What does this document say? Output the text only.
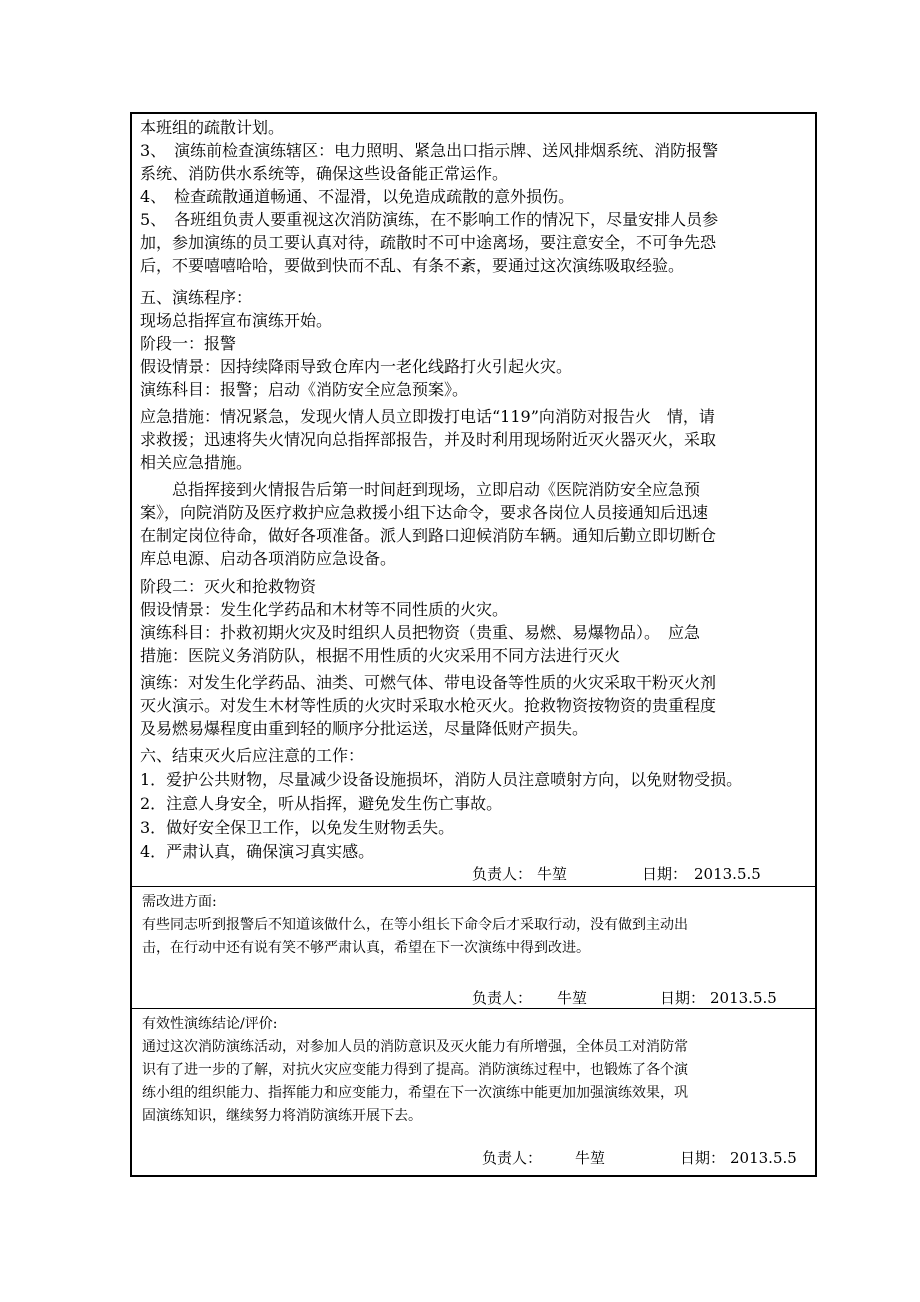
本班组的疏散计划。
3、　演练前检查演练辖区：电力照明、紧急出口指示牌、送风排烟系统、消防报警
系统、消防供水系统等，确保这些设备能正常运作。
4、　检查疏散通道畅通、不湿滑，以免造成疏散的意外损伤。
5、　各班组负责人要重视这次消防演练，在不影响工作的情况下，尽量安排人员参
加，参加演练的员工要认真对待，疏散时不可中途离场，要注意安全，不可争先恐
后，不要嘻嘻哈哈，要做到快而不乱、有条不紊，要通过这次演练吸取经验。
五、演练程序：
现场总指挥宣布演练开始。
阶段一：报警
假设情景：因持续降雨导致仓库内一老化线路打火引起火灾。
演练科目：报警；启动《消防安全应急预案》。
应急措施：情况紧急，发现火情人员立即拨打电话“119”向消防对报告火　情，请
求救援；迅速将失火情况向总指挥部报告，并及时利用现场附近灭火器灭火，采取
相关应急措施。
　　总指挥接到火情报告后第一时间赶到现场，立即启动《医院消防安全应急预
案》，向院消防及医疗救护应急救援小组下达命令，要求各岗位人员接通知后迅速
在制定岗位待命，做好各项准备。派人到路口迎候消防车辆。通知后勤立即切断仓
库总电源、启动各项消防应急设备。
阶段二：灭火和抢救物资
假设情景：发生化学药品和木材等不同性质的火灾。
演练科目：扑救初期火灾及时组织人员把物资（贵重、易燃、易爆物品）。　应急
措施：医院义务消防队，根据不用性质的火灾采用不同方法进行灭火
演练：对发生化学药品、油类、可燃气体、带电设备等性质的火灾采取干粉灭火剂
灭火演示。对发生木材等性质的火灾时采取水枪灭火。抢救物资按物资的贵重程度
及易燃易爆程度由重到轻的顺序分批运送，尽量降低财产损失。
六、结束灭火后应注意的工作：
1．爱护公共财物，尽量减少设备设施损坏，消防人员注意喷射方向，以免财物受损。
2．注意人身安全，听从指挥，避免发生伤亡事故。
3．做好安全保卫工作，以免发生财物丢失。
4．严肃认真，确保演习真实感。
负责人： 牛堃	日期： 2013.5.5
需改进方面:
有些同志听到报警后不知道该做什么，在等小组长下命令后才采取行动，没有做到主动出
击，在行动中还有说有笑不够严肃认真，希望在下一次演练中得到改进。
负责人： 牛堃	日期： 2013.5.5
有效性演练结论/评价:
通过这次消防演练活动，对参加人员的消防意识及灭火能力有所增强，全体员工对消防常
识有了进一步的了解，对抗火灾应变能力得到了提高。消防演练过程中，也锻炼了各个演
练小组的组织能力、指挥能力和应变能力，希望在下一次演练中能更加加强演练效果，巩
固演练知识，继续努力将消防演练开展下去。
负责人： 牛堃	日期： 2013.5.5
